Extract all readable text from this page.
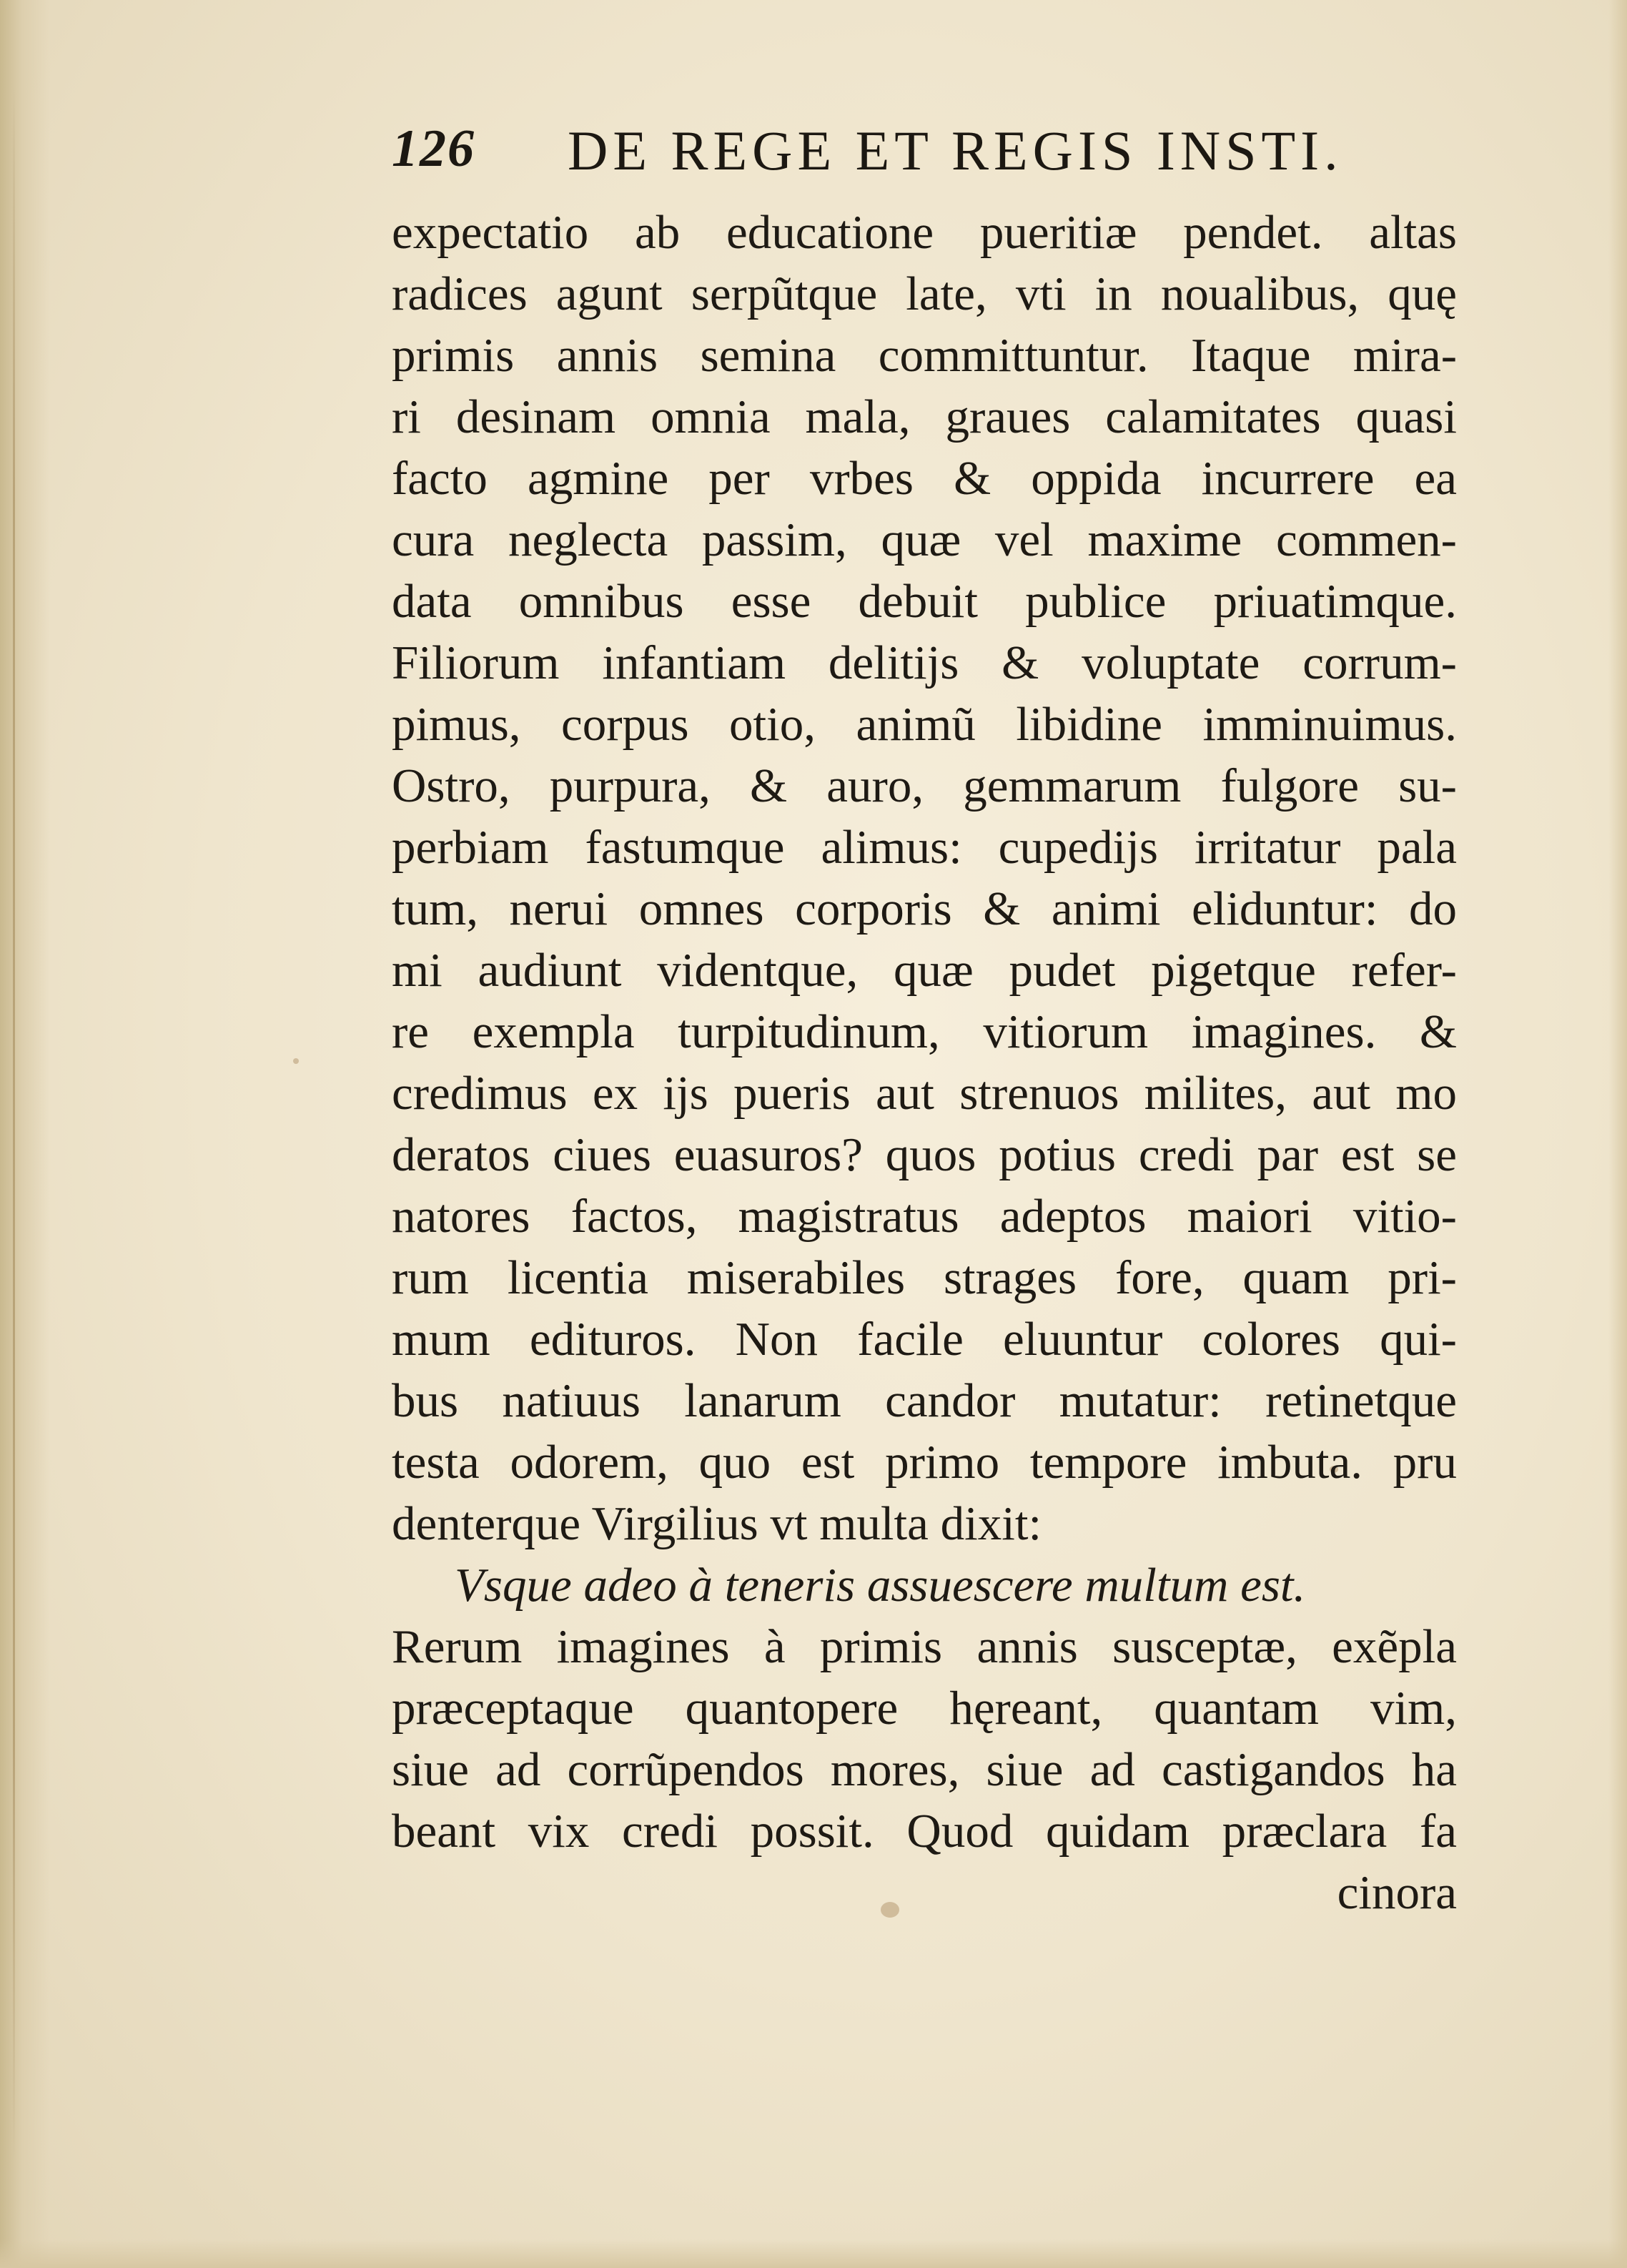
126 DE REGE ET REGIS INSTI.
expectatio ab educatione pueritiæ pendet. altas
radices agunt serpũtque late, vti in noualibus, quę
primis annis semina committuntur. Itaque mira-
ri desinam omnia mala, graues calamitates quasi
facto agmine per vrbes & oppida incurrere ea
cura neglecta passim, quæ vel maxime commen-
data omnibus esse debuit publice priuatimque.
Filiorum infantiam delitijs & voluptate corrum-
pimus, corpus otio, animũ libidine imminuimus.
Ostro, purpura, & auro, gemmarum fulgore su-
perbiam fastumque alimus: cupedijs irritatur pala
tum, nerui omnes corporis & animi eliduntur: do
mi audiunt videntque, quæ pudet pigetque refer-
re exempla turpitudinum, vitiorum imagines. &
credimus ex ijs pueris aut strenuos milites, aut mo
deratos ciues euasuros? quos potius credi par est se
natores factos, magistratus adeptos maiori vitio-
rum licentia miserabiles strages fore, quam pri-
mum edituros. Non facile eluuntur colores qui-
bus natiuus lanarum candor mutatur: retinetque
testa odorem, quo est primo tempore imbuta. pru
denterque Virgilius vt multa dixit:
Vsque adeo à teneris assuescere multum est.
Rerum imagines à primis annis susceptæ, exẽpla
præceptaque quantopere hęreant, quantam vim,
siue ad corrũpendos mores, siue ad castigandos ha
beant vix credi possit. Quod quidam præclara fa
cinora
